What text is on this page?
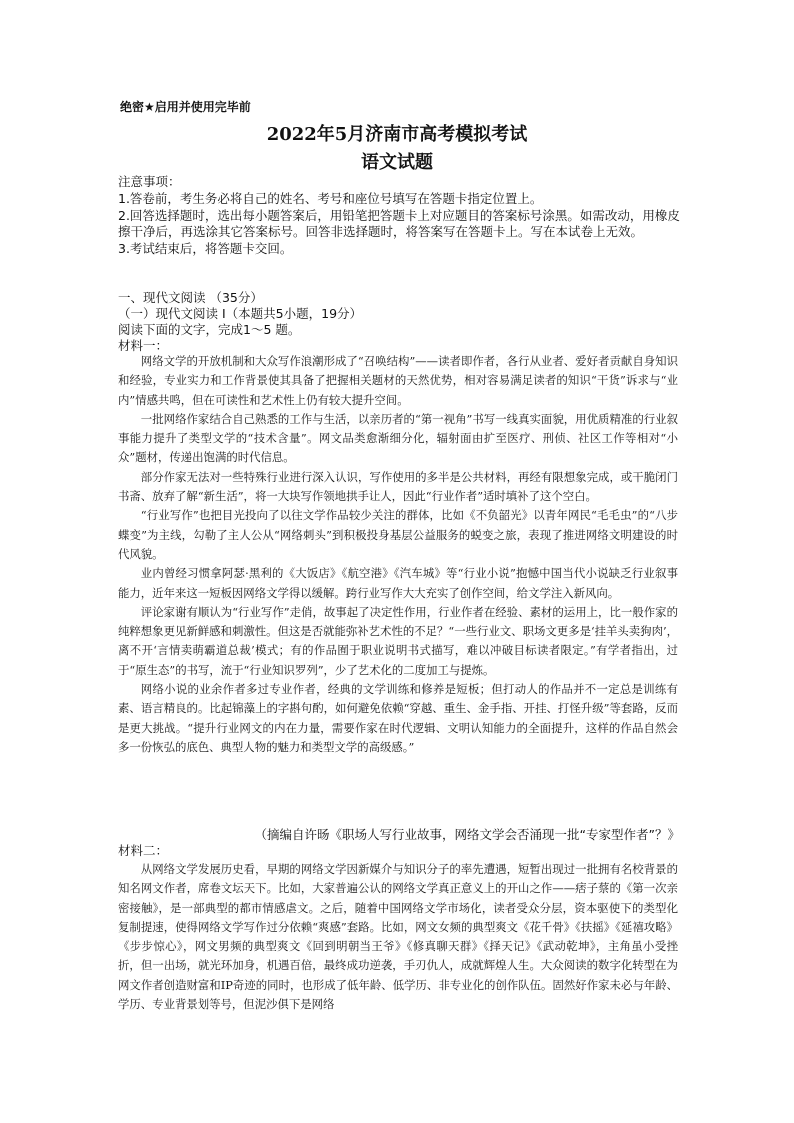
绝密★启用并使用完毕前
2022年5月济南市高考模拟考试
语文试题
注意事项：
1.答卷前，考生务必将自己的姓名、考号和座位号填写在答题卡指定位置上。
2.回答选择题时，选出每小题答案后，用铅笔把答题卡上对应题目的答案标号涂黑。如需改动，用橡皮擦干净后，再选涂其它答案标号。回答非选择题时，将答案写在答题卡上。写在本试卷上无效。
3.考试结束后，将答题卡交回。
一、现代文阅读 （35分）
（一）现代文阅读 I（本题共5小题，19分）
阅读下面的文字，完成1～5 题。
材料一：

网络文学的开放机制和大众写作浪潮形成了“召唤结构”——读者即作者，各行从业者、爱好者贡献自身知识和经验，专业实力和工作背景使其具备了把握相关题材的天然优势，相对容易满足读者的知识“干货”诉求与“业内”情感共鸣，但在可读性和艺术性上仍有较大提升空间。

一批网络作家结合自己熟悉的工作与生活，以亲历者的“第一视角”书写一线真实面貌，用优质精准的行业叙事能力提升了类型文学的“技术含量”。网文品类愈渐细分化，辐射面由扩至医疗、刑侦、社区工作等相对“小众”题材，传递出饱满的时代信息。

部分作家无法对一些特殊行业进行深入认识，写作使用的多半是公共材料，再经有限想象完成，或干脆闭门书斋、放弃了解“新生活”，将一大块写作领地拱手让人，因此“行业作者”适时填补了这个空白。

“行业写作”也把目光投向了以往文学作品较少关注的群体，比如《不负韶光》以青年网民“毛毛虫”的“八步蝶变”为主线，勾勒了主人公从“网络刺头”到积极投身基层公益服务的蜕变之旅，表现了推进网络文明建设的时代风貌。

业内曾经习惯拿阿瑟·黑利的《大饭店》《航空港》《汽车城》等“行业小说”抱憾中国当代小说缺乏行业叙事能力，近年来这一短板因网络文学得以缓解。跨行业写作大大充实了创作空间，给文学注入新风向。

评论家谢有顺认为“行业写作”走俏，故事起了决定性作用，行业作者在经验、素材的运用上，比一般作家的纯粹想象更见新鲜感和刺激性。但这是否就能弥补艺术性的不足？“一些行业文、职场文更多是‘挂羊头卖狗肉’，离不开‘言情卖萌霸道总裁’模式；有的作品囿于职业说明书式描写，难以冲破目标读者限定。”有学者指出，过于“原生态”的书写，流于“行业知识罗列”，少了艺术化的二度加工与提炼。

网络小说的业余作者多过专业作者，经典的文学训练和修养是短板；但打动人的作品并不一定总是训练有素、语言精良的。比起锦藻上的字斟句酌，如何避免依赖“穿越、重生、金手指、开挂、打怪升级”等套路，反而是更大挑战。“提升行业网文的内在力量，需要作家在时代逻辑、文明认知能力的全面提升，这样的作品自然会多一份恢弘的底色、典型人物的魅力和类型文学的高级感。”

（摘编自许旸《职场人写行业故事，网络文学会否涌现一批“专家型作者”？》
材料二：

从网络文学发展历史看，早期的网络文学因新媒介与知识分子的率先遭遇，短暂出现过一批拥有名校背景的知名网文作者，席卷文坛天下。比如，大家普遍公认的网络文学真正意义上的开山之作——痞子蔡的《第一次亲密接触》，是一部典型的都市情感虐文。之后，随着中国网络文学市场化，读者受众分层，资本驱使下的类型化复制提速，使得网络文学写作过分依赖“爽感”套路。比如，网文女频的典型爽文《花千骨》《扶摇》《延禧攻略》《步步惊心》，网文男频的典型爽文《回到明朝当王爷》《修真聊天群》《择天记》《武动乾坤》，主角虽小受挫折，但一出场，就光环加身，机遇百倍，最终成功逆袭，手刃仇人，成就辉煌人生。大众阅读的数字化转型在为网文作者创造财富和IP奇迹的同时，也形成了低年龄、低学历、非专业化的创作队伍。固然好作家未必与年龄、学历、专业背景划等号，但泥沙俱下是网络
